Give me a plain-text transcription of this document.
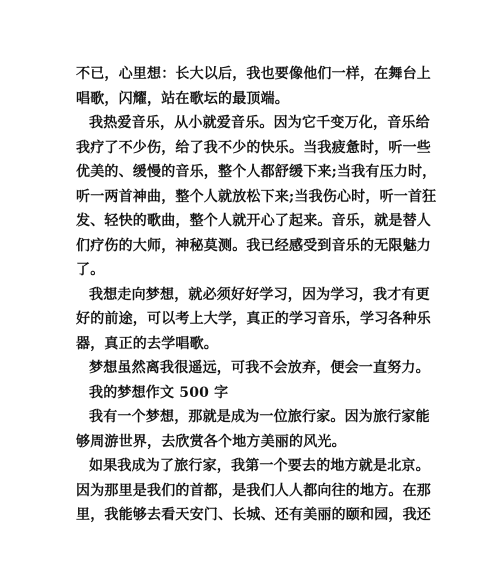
不已，心里想：长大以后，我也要像他们一样，在舞台上
唱歌，闪耀，站在歌坛的最顶端。
我热爱音乐，从小就爱音乐。因为它千变万化，音乐给
我疗了不少伤，给了我不少的快乐。当我疲惫时，听一些
优美的、缓慢的音乐，整个人都舒缓下来;当我有压力时，
听一两首神曲，整个人就放松下来;当我伤心时，听一首狂
发、轻快的歌曲，整个人就开心了起来。音乐，就是替人
们疗伤的大师，神秘莫测。我已经感受到音乐的无限魅力
了。
我想走向梦想，就必须好好学习，因为学习，我才有更
好的前途，可以考上大学，真正的学习音乐，学习各种乐
器，真正的去学唱歌。
梦想虽然离我很遥远，可我不会放弃，便会一直努力。
我的梦想作文 500 字
我有一个梦想，那就是成为一位旅行家。因为旅行家能
够周游世界，去欣赏各个地方美丽的风光。
如果我成为了旅行家，我第一个要去的地方就是北京。
因为那里是我们的首都，是我们人人都向往的地方。在那
里，我能够去看天安门、长城、还有美丽的颐和园，我还
